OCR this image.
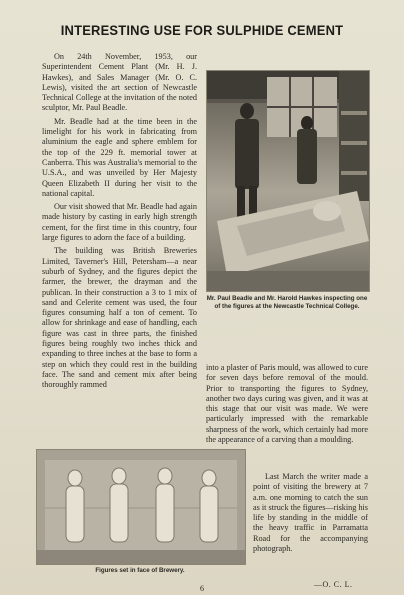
INTERESTING USE FOR SULPHIDE CEMENT

On 24th November, 1953, our Superintendent Cement Plant (Mr. H. J. Hawkes), and Sales Manager (Mr. O. C. Lewis), visited the art section of Newcastle Technical College at the invitation of the noted sculptor, Mr. Paul Beadle.

Mr. Beadle had at the time been in the limelight for his work in fabricating from aluminium the eagle and sphere emblem for the top of the 229 ft. memorial tower at Canberra. This was Australia's memorial to the U.S.A., and was unveiled by Her Majesty Queen Elizabeth II during her visit to the national capital.

Our visit showed that Mr. Beadle had again made history by casting in early high strength cement, for the first time in this country, four large figures to adorn the face of a building.

The building was British Breweries Limited, Taverner's Hill, Petersham—a near suburb of Sydney, and the figures depict the farmer, the brewer, the drayman and the publican. In their construction a 3 to 1 mix of sand and Celerite cement was used, the four figures consuming half a ton of cement. To allow for shrinkage and ease of handling, each figure was cast in three parts, the finished figures being roughly two inches thick and expanding to three inches at the base to form a step on which they could rest in the building face. The sand and cement mix after being thoroughly rammed

Mr. Paul Beadle and Mr. Harold Hawkes inspecting one of the figures at the Newcastle Technical College.

into a plaster of Paris mould, was allowed to cure for seven days before removal of the mould. Prior to transporting the figures to Sydney, another two days curing was given, and it was at this stage that our visit was made. We were particularly impressed with the remarkable sharpness of the work, which certainly had more the appearance of a carving than a moulding.

Figures set in face of Brewery.

Last March the writer made a point of visiting the brewery at 7 a.m. one morning to catch the sun as it struck the figures—risking his life by standing in the middle of the heavy traffic in Parramatta Road for the accompanying photograph.

—O. C. L.
6
